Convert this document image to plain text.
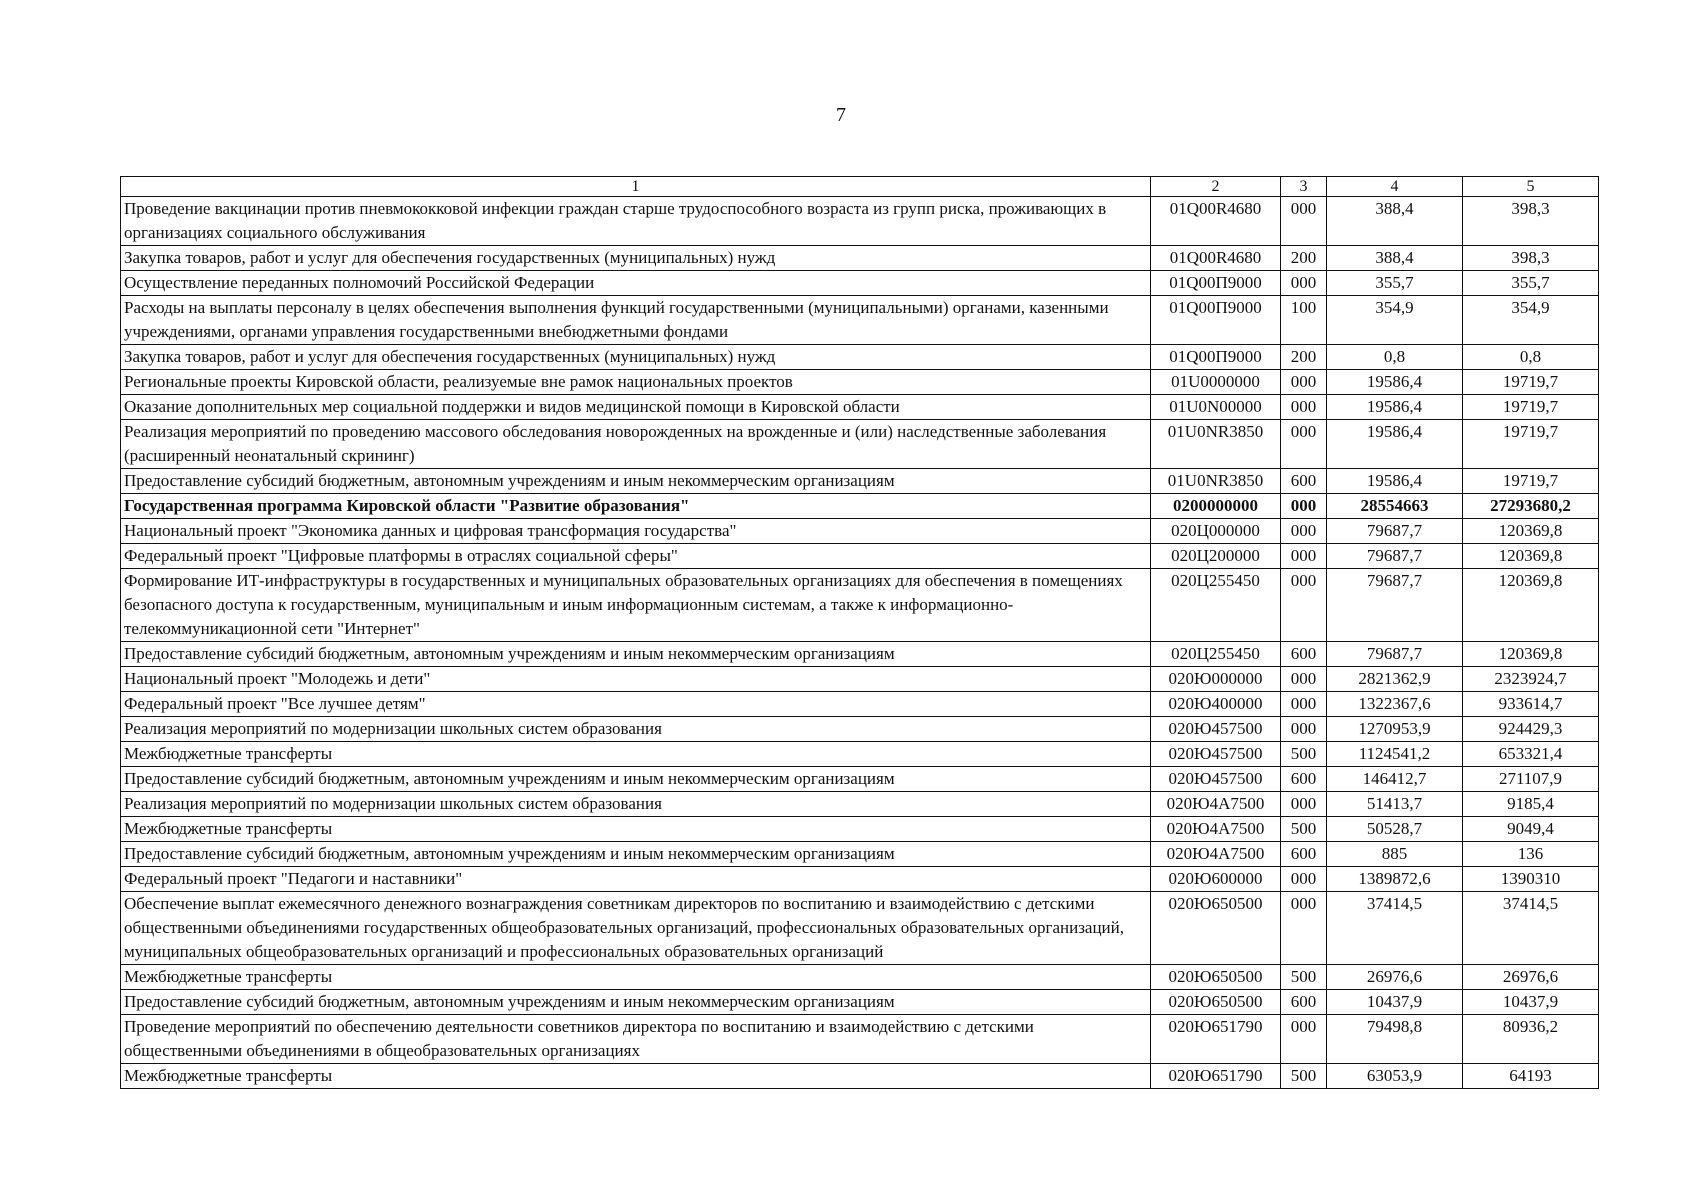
7
1	2	3	4	5
Проведение вакцинации против пневмококковой инфекции граждан старше трудоспособного возраста из групп риска, проживающих в организациях социального обслуживания	01Q00R4680	000	388,4	398,3
Закупка товаров, работ и услуг для обеспечения государственных (муниципальных) нужд	01Q00R4680	200	388,4	398,3
Осуществление переданных полномочий Российской Федерации	01Q00П9000	000	355,7	355,7
Расходы на выплаты персоналу в целях обеспечения выполнения функций государственными (муниципальными) органами, казенными учреждениями, органами управления государственными внебюджетными фондами	01Q00П9000	100	354,9	354,9
Закупка товаров, работ и услуг для обеспечения государственных (муниципальных) нужд	01Q00П9000	200	0,8	0,8
Региональные проекты Кировской области, реализуемые вне рамок национальных проектов	01U0000000	000	19586,4	19719,7
Оказание дополнительных мер социальной поддержки и видов медицинской помощи в Кировской области	01U0N00000	000	19586,4	19719,7
Реализация мероприятий по проведению массового обследования новорожденных на врожденные и (или) наследственные заболевания (расширенный неонатальный скрининг)	01U0NR3850	000	19586,4	19719,7
Предоставление субсидий бюджетным, автономным учреждениям и иным некоммерческим организациям	01U0NR3850	600	19586,4	19719,7
Государственная программа Кировской области "Развитие образования"	0200000000	000	28554663	27293680,2
Национальный проект "Экономика данных и цифровая трансформация государства"	020Ц000000	000	79687,7	120369,8
Федеральный проект "Цифровые платформы в отраслях социальной сферы"	020Ц200000	000	79687,7	120369,8
Формирование ИТ-инфраструктуры в государственных и муниципальных образовательных организациях для обеспечения в помещениях безопасного доступа к государственным, муниципальным и иным информационным системам, а также к информационно-телекоммуникационной сети "Интернет"	020Ц255450	000	79687,7	120369,8
Предоставление субсидий бюджетным, автономным учреждениям и иным некоммерческим организациям	020Ц255450	600	79687,7	120369,8
Национальный проект "Молодежь и дети"	020Ю000000	000	2821362,9	2323924,7
Федеральный проект "Все лучшее детям"	020Ю400000	000	1322367,6	933614,7
Реализация мероприятий по модернизации школьных систем образования	020Ю457500	000	1270953,9	924429,3
Межбюджетные трансферты	020Ю457500	500	1124541,2	653321,4
Предоставление субсидий бюджетным, автономным учреждениям и иным некоммерческим организациям	020Ю457500	600	146412,7	271107,9
Реализация мероприятий по модернизации школьных систем образования	020Ю4А7500	000	51413,7	9185,4
Межбюджетные трансферты	020Ю4А7500	500	50528,7	9049,4
Предоставление субсидий бюджетным, автономным учреждениям и иным некоммерческим организациям	020Ю4А7500	600	885	136
Федеральный проект "Педагоги и наставники"	020Ю600000	000	1389872,6	1390310
Обеспечение выплат ежемесячного денежного вознаграждения советникам директоров по воспитанию и взаимодействию с детскими общественными объединениями государственных общеобразовательных организаций, профессиональных образовательных организаций, муниципальных общеобразовательных организаций и профессиональных образовательных организаций	020Ю650500	000	37414,5	37414,5
Межбюджетные трансферты	020Ю650500	500	26976,6	26976,6
Предоставление субсидий бюджетным, автономным учреждениям и иным некоммерческим организациям	020Ю650500	600	10437,9	10437,9
Проведение мероприятий по обеспечению деятельности советников директора по воспитанию и взаимодействию с детскими общественными объединениями в общеобразовательных организациях	020Ю651790	000	79498,8	80936,2
Межбюджетные трансферты	020Ю651790	500	63053,9	64193
